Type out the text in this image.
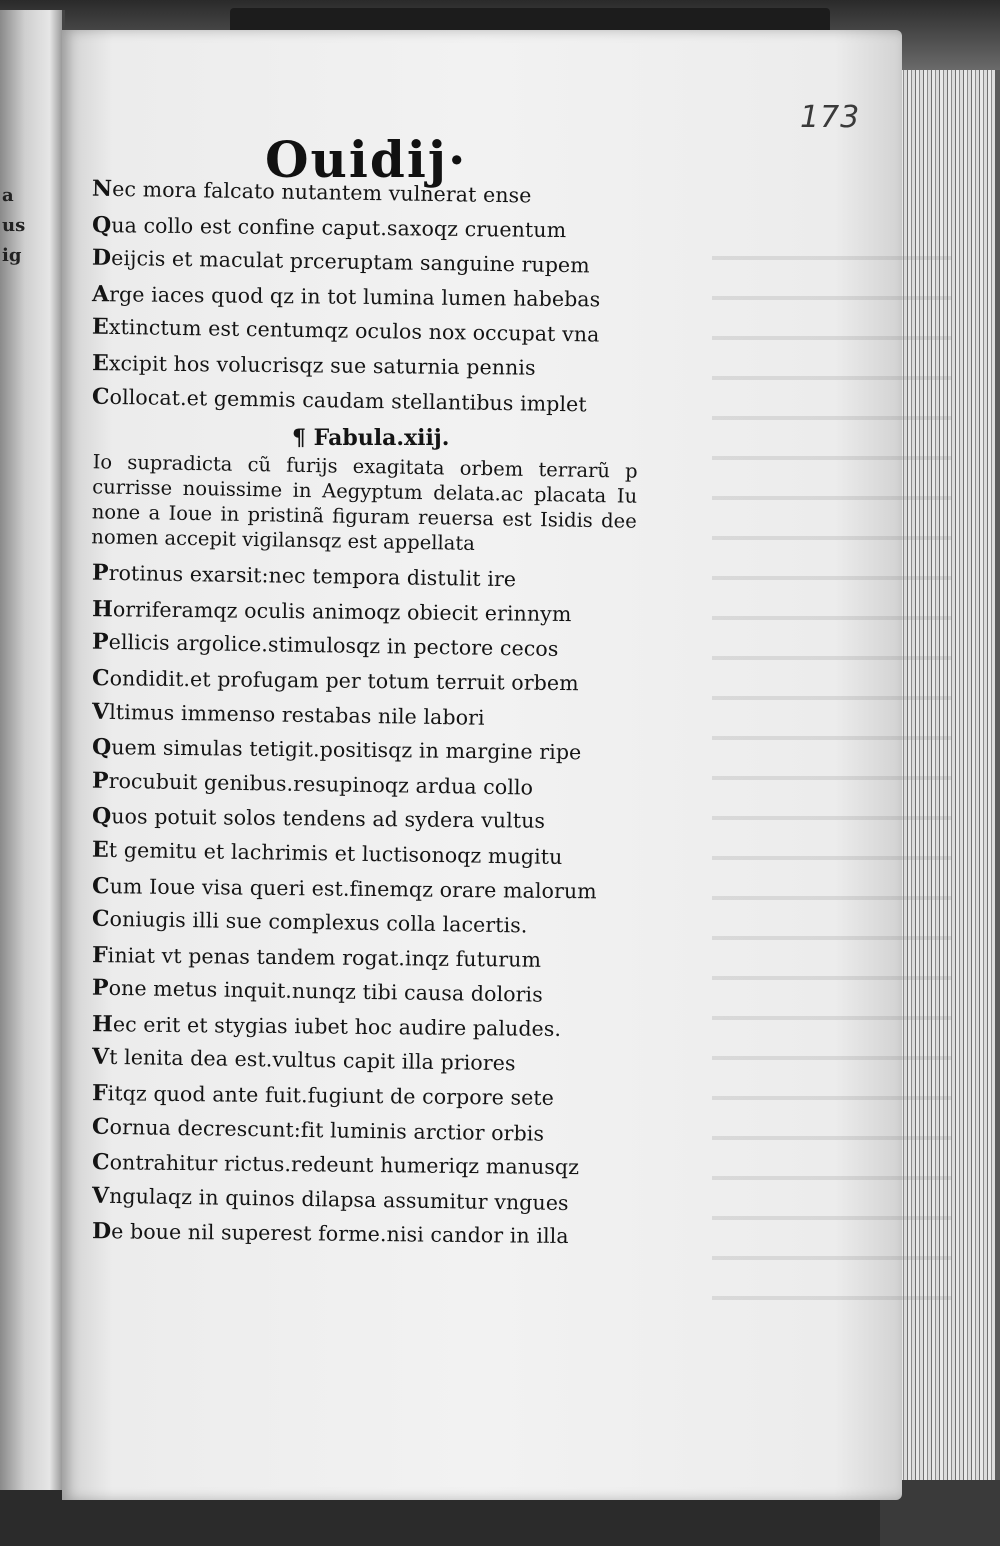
a
us
ig
173
Ouidij·
Nec mora falcato nutantem vulnerat ense
Qua collo est confine caput.saxoqz cruentum
Deijcis et maculat prceruptam sanguine rupem
Arge iaces quod qz in tot lumina lumen habebas
Extinctum est centumqz oculos nox occupat vna
Excipit hos volucrisqz sue saturnia pennis
Collocat.et gemmis caudam stellantibus implet
¶ Fabula.xiij.
Io supradicta cũ furijs exagitata orbem terrarũ p currisse nouissime in Aegyptum delata.ac placata Iu none a Ioue in pristinã figuram reuersa est Isidis dee nomen accepit vigilansqz est appellata
Protinus exarsit:nec tempora distulit ire
Horriferamqz oculis animoqz obiecit erinnym
Pellicis argolice.stimulosqz in pectore cecos
Condidit.et profugam per totum terruit orbem
Vltimus immenso restabas nile labori
Quem simulas tetigit.positisqz in margine ripe
Procubuit genibus.resupinoqz ardua collo
Quos potuit solos tendens ad sydera vultus
Et gemitu et lachrimis et luctisonoqz mugitu
Cum Ioue visa queri est.finemqz orare malorum
Coniugis illi sue complexus colla lacertis.
Finiat vt penas tandem rogat.inqz futurum
Pone metus inquit.nunqz tibi causa doloris
Hec erit et stygias iubet hoc audire paludes.
Vt lenita dea est.vultus capit illa priores
Fitqz quod ante fuit.fugiunt de corpore sete
Cornua decrescunt:fit luminis arctior orbis
Contrahitur rictus.redeunt humeriqz manusqz
Vngulaqz in quinos dilapsa assumitur vngues
De boue nil superest forme.nisi candor in illa
